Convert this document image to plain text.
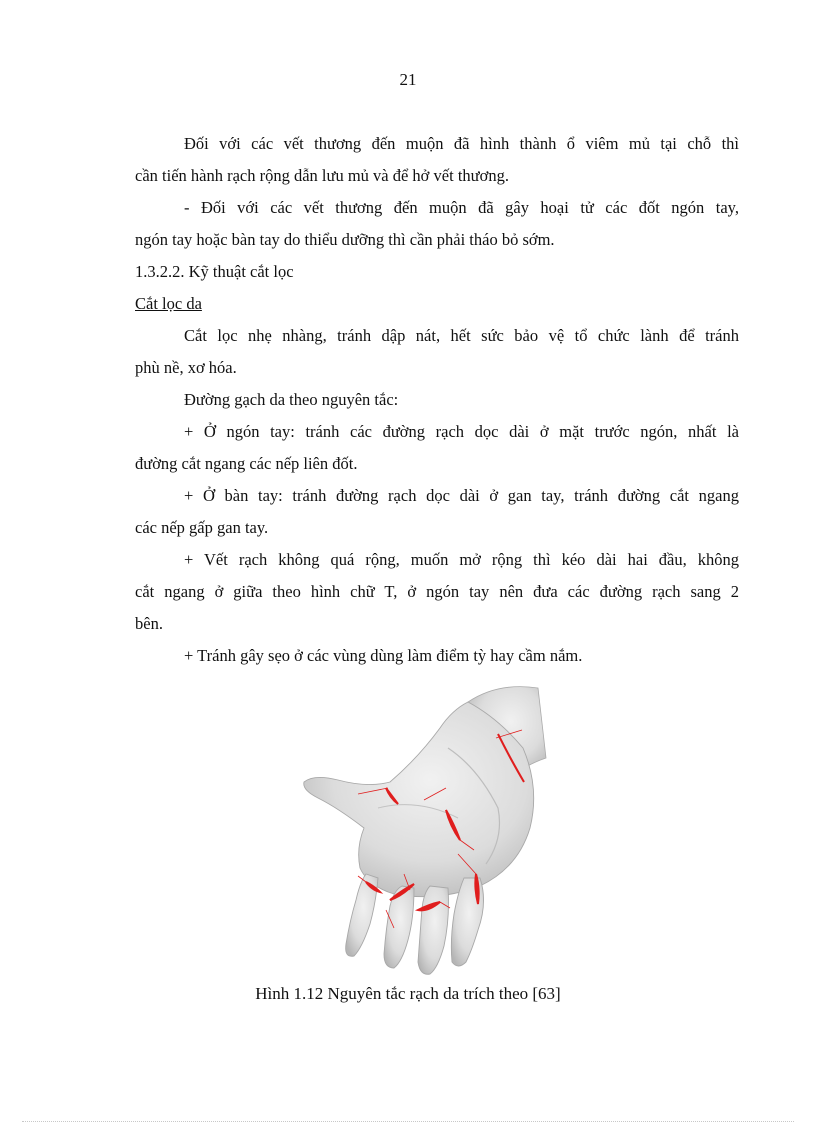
21
Đối với các vết thương đến muộn đã hình thành ổ viêm mủ tại chỗ thì
cần tiến hành rạch rộng dẫn lưu mủ và để hở vết thương.
- Đối với các vết thương đến muộn đã gây hoại tử các đốt ngón tay,
ngón tay hoặc bàn tay do thiểu dưỡng thì cần phải tháo bỏ sớm.
1.3.2.2. Kỹ thuật cắt lọc
Cắt lọc da
Cắt lọc nhẹ nhàng, tránh dập nát, hết sức bảo vệ tổ chức lành để tránh
phù nề, xơ hóa.
Đường gạch da theo nguyên tắc:
+ Ở ngón tay: tránh các đường rạch dọc dài ở mặt trước ngón, nhất là
đường cắt ngang các nếp liên đốt.
+ Ở bàn tay: tránh đường rạch dọc dài ở gan tay, tránh đường cắt ngang
các nếp gấp gan tay.
+ Vết rạch không quá rộng, muốn mở rộng thì kéo dài hai đầu, không
cắt ngang ở giữa theo hình chữ T, ở ngón tay nên đưa các đường rạch sang 2
bên.
+ Tránh gây sẹo ở các vùng dùng làm điểm tỳ hay cầm nắm.
Hình 1.12 Nguyên tắc rạch da trích theo [63]
